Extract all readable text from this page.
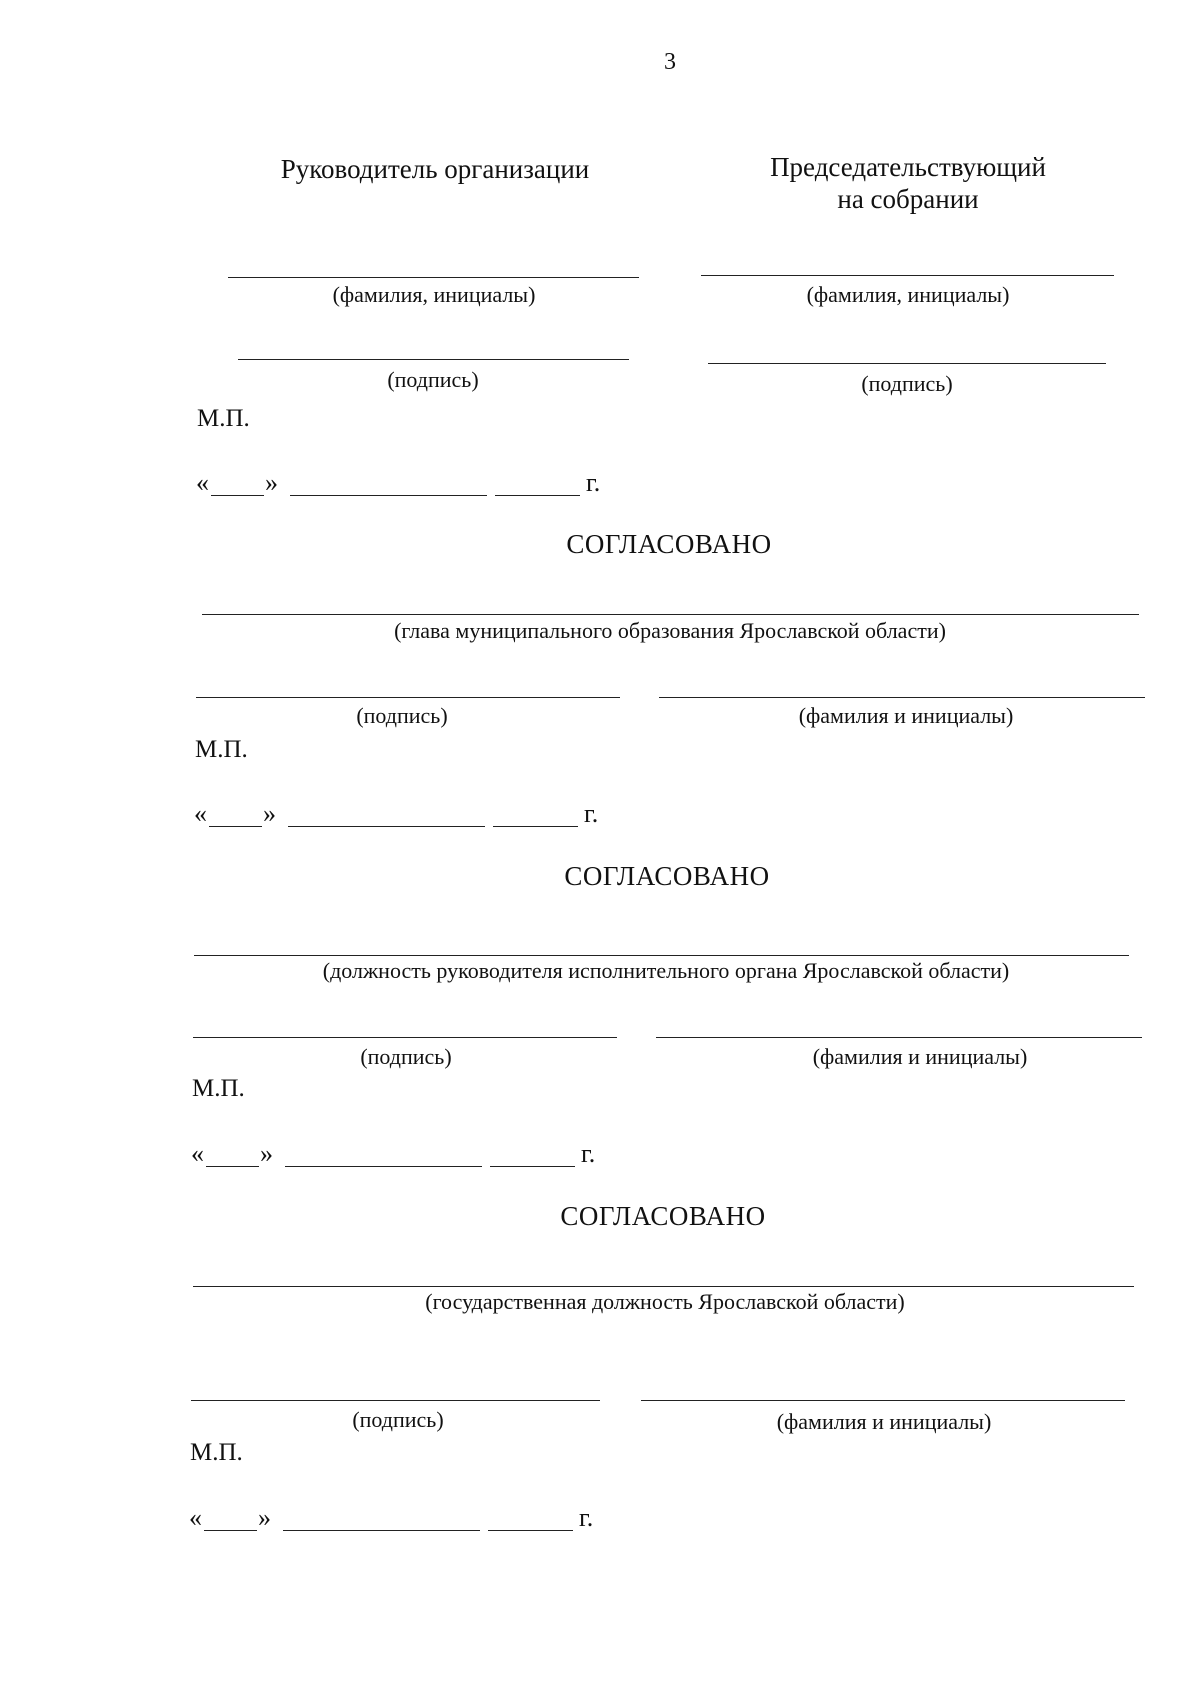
3
Руководитель организации	Председательствующий
на собрании
(фамилия, инициалы)	(фамилия, инициалы)
(подпись)	(подпись)
М.П.
« »	г.
СОГЛАСОВАНО
(глава муниципального образования Ярославской области)
(подпись)	(фамилия и инициалы)
М.П.
« »	г.
СОГЛАСОВАНО
(должность руководителя исполнительного органа Ярославской области)
(подпись)	(фамилия и инициалы)
М.П.
« »	г.
СОГЛАСОВАНО
(государственная должность Ярославской области)
(подпись)	(фамилия и инициалы)
М.П.
« »	г.
